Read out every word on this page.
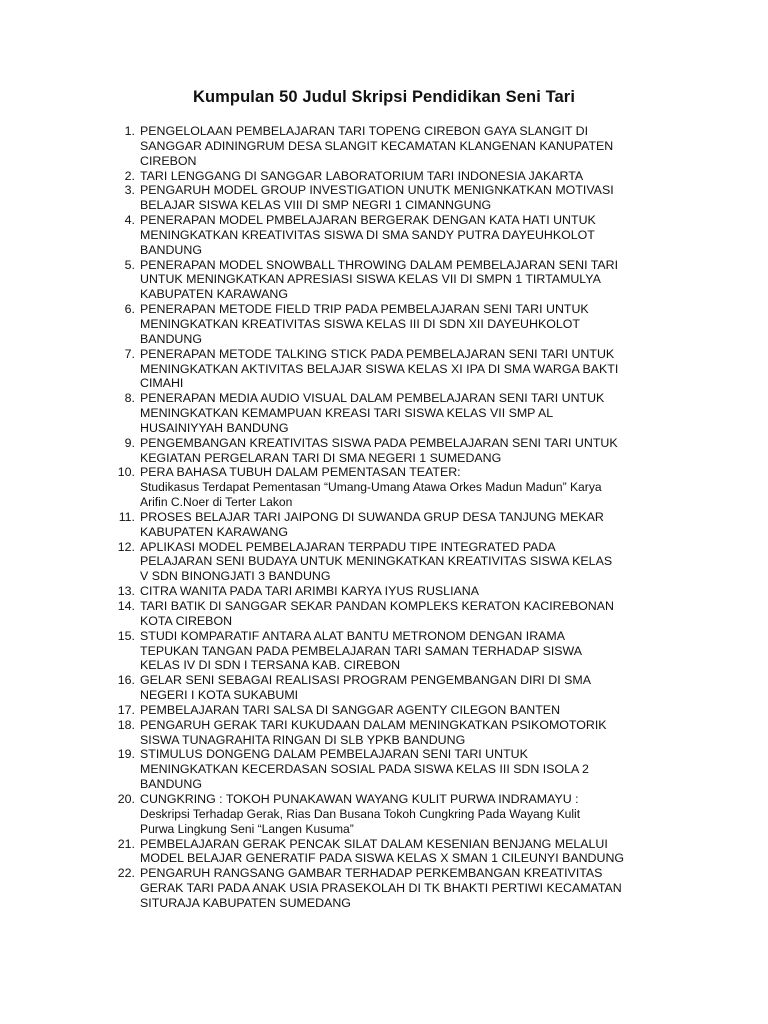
Kumpulan 50 Judul Skripsi Pendidikan Seni Tari
1. PENGELOLAAN PEMBELAJARAN TARI TOPENG CIREBON GAYA SLANGIT DI
SANGGAR ADININGRUM DESA SLANGIT KECAMATAN KLANGENAN KANUPATEN
CIREBON
2. TARI LENGGANG DI SANGGAR LABORATORIUM TARI INDONESIA JAKARTA
3. PENGARUH MODEL GROUP INVESTIGATION UNUTK MENIGNKATKAN MOTIVASI
BELAJAR SISWA KELAS VIII DI SMP NEGRI 1 CIMANNGUNG
4. PENERAPAN MODEL PMBELAJARAN BERGERAK DENGAN KATA HATI UNTUK
MENINGKATKAN KREATIVITAS SISWA DI SMA SANDY PUTRA DAYEUHKOLOT
BANDUNG
5. PENERAPAN MODEL SNOWBALL THROWING DALAM PEMBELAJARAN SENI TARI
UNTUK MENINGKATKAN APRESIASI SISWA KELAS VII DI SMPN 1 TIRTAMULYA
KABUPATEN KARAWANG
6. PENERAPAN METODE FIELD TRIP PADA PEMBELAJARAN SENI TARI UNTUK
MENINGKATKAN KREATIVITAS SISWA KELAS III DI SDN XII DAYEUHKOLOT
BANDUNG
7. PENERAPAN METODE TALKING STICK PADA PEMBELAJARAN SENI TARI UNTUK
MENINGKATKAN AKTIVITAS BELAJAR SISWA KELAS XI IPA DI SMA WARGA BAKTI
CIMAHI
8. PENERAPAN MEDIA AUDIO VISUAL DALAM PEMBELAJARAN SENI TARI UNTUK
MENINGKATKAN KEMAMPUAN KREASI TARI SISWA KELAS VII SMP AL
HUSAINIYYAH BANDUNG
9. PENGEMBANGAN KREATIVITAS SISWA PADA PEMBELAJARAN SENI TARI UNTUK
KEGIATAN PERGELARAN TARI DI SMA NEGERI 1 SUMEDANG
10. PERA BAHASA TUBUH DALAM PEMENTASAN TEATER:
Studikasus Terdapat Pementasan “Umang-Umang Atawa Orkes Madun Madun” Karya
Arifin C.Noer di Terter Lakon
11. PROSES BELAJAR TARI JAIPONG DI SUWANDA GRUP DESA TANJUNG MEKAR
KABUPATEN KARAWANG
12. APLIKASI MODEL PEMBELAJARAN TERPADU TIPE INTEGRATED PADA
PELAJARAN SENI BUDAYA UNTUK MENINGKATKAN KREATIVITAS SISWA KELAS
V SDN BINONGJATI 3 BANDUNG
13. CITRA WANITA PADA TARI ARIMBI KARYA IYUS RUSLIANA
14. TARI BATIK DI SANGGAR SEKAR PANDAN KOMPLEKS KERATON KACIREBONAN
KOTA CIREBON
15. STUDI KOMPARATIF ANTARA ALAT BANTU METRONOM DENGAN IRAMA
TEPUKAN TANGAN PADA PEMBELAJARAN TARI SAMAN TERHADAP SISWA
KELAS IV DI SDN I TERSANA KAB. CIREBON
16. GELAR SENI SEBAGAI REALISASI PROGRAM PENGEMBANGAN DIRI DI SMA
NEGERI I KOTA SUKABUMI
17. PEMBELAJARAN TARI SALSA DI SANGGAR AGENTY CILEGON BANTEN
18. PENGARUH GERAK TARI KUKUDAAN DALAM MENINGKATKAN PSIKOMOTORIK
SISWA TUNAGRAHITA RINGAN DI SLB YPKB BANDUNG
19. STIMULUS DONGENG DALAM PEMBELAJARAN SENI TARI UNTUK
MENINGKATKAN KECERDASAN SOSIAL PADA SISWA KELAS III SDN ISOLA 2
BANDUNG
20. CUNGKRING : TOKOH PUNAKAWAN WAYANG KULIT PURWA INDRAMAYU :
Deskripsi Terhadap Gerak, Rias Dan Busana Tokoh Cungkring Pada Wayang Kulit
Purwa Lingkung Seni “Langen Kusuma”
21. PEMBELAJARAN GERAK PENCAK SILAT DALAM KESENIAN BENJANG MELALUI
MODEL BELAJAR GENERATIF PADA SISWA KELAS X SMAN 1 CILEUNYI BANDUNG
22. PENGARUH RANGSANG GAMBAR TERHADAP PERKEMBANGAN KREATIVITAS
GERAK TARI PADA ANAK USIA PRASEKOLAH DI TK BHAKTI PERTIWI KECAMATAN
SITURAJA KABUPATEN SUMEDANG
